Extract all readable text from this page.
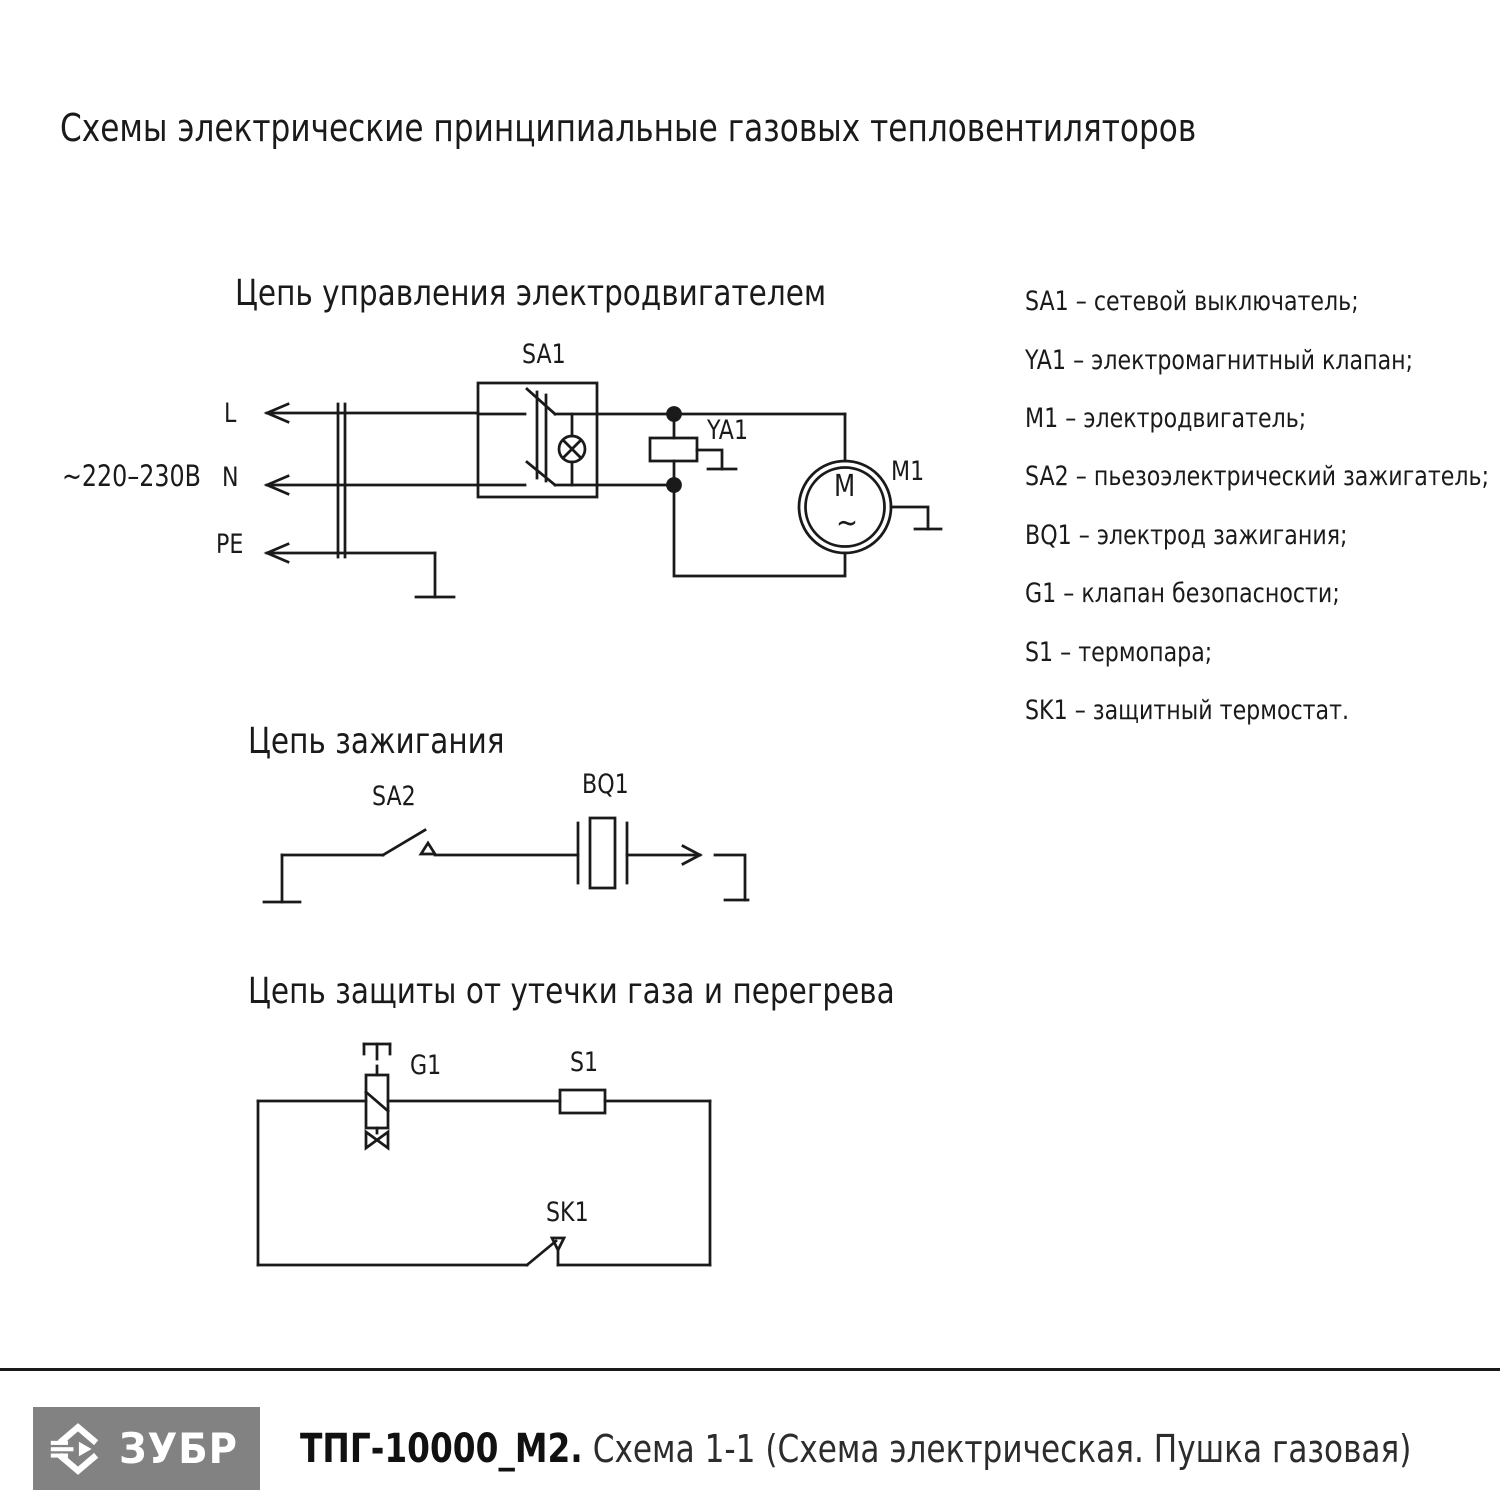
Схемы электрические принципиальные газовых тепловентиляторов
Цепь управления электродвигателем
~220–230В
L
N
PE
SA1
YA1
M1
M
~
Цепь зажигания
SA2	BQ1
Цепь защиты от утечки газа и перегрева
G1	S1
SK1
SA1 – сетевой выключатель;
YA1 – электромагнитный клапан;
M1 – электродвигатель;
SA2 – пьезоэлектрический зажигатель;
BQ1 – электрод зажигания;
G1 – клапан безопасности;
S1 – термопара;
SK1 – защитный термостат.
ЗУБР ТПГ-10000_М2. Схема 1-1 (Схема электрическая. Пушка газовая)
